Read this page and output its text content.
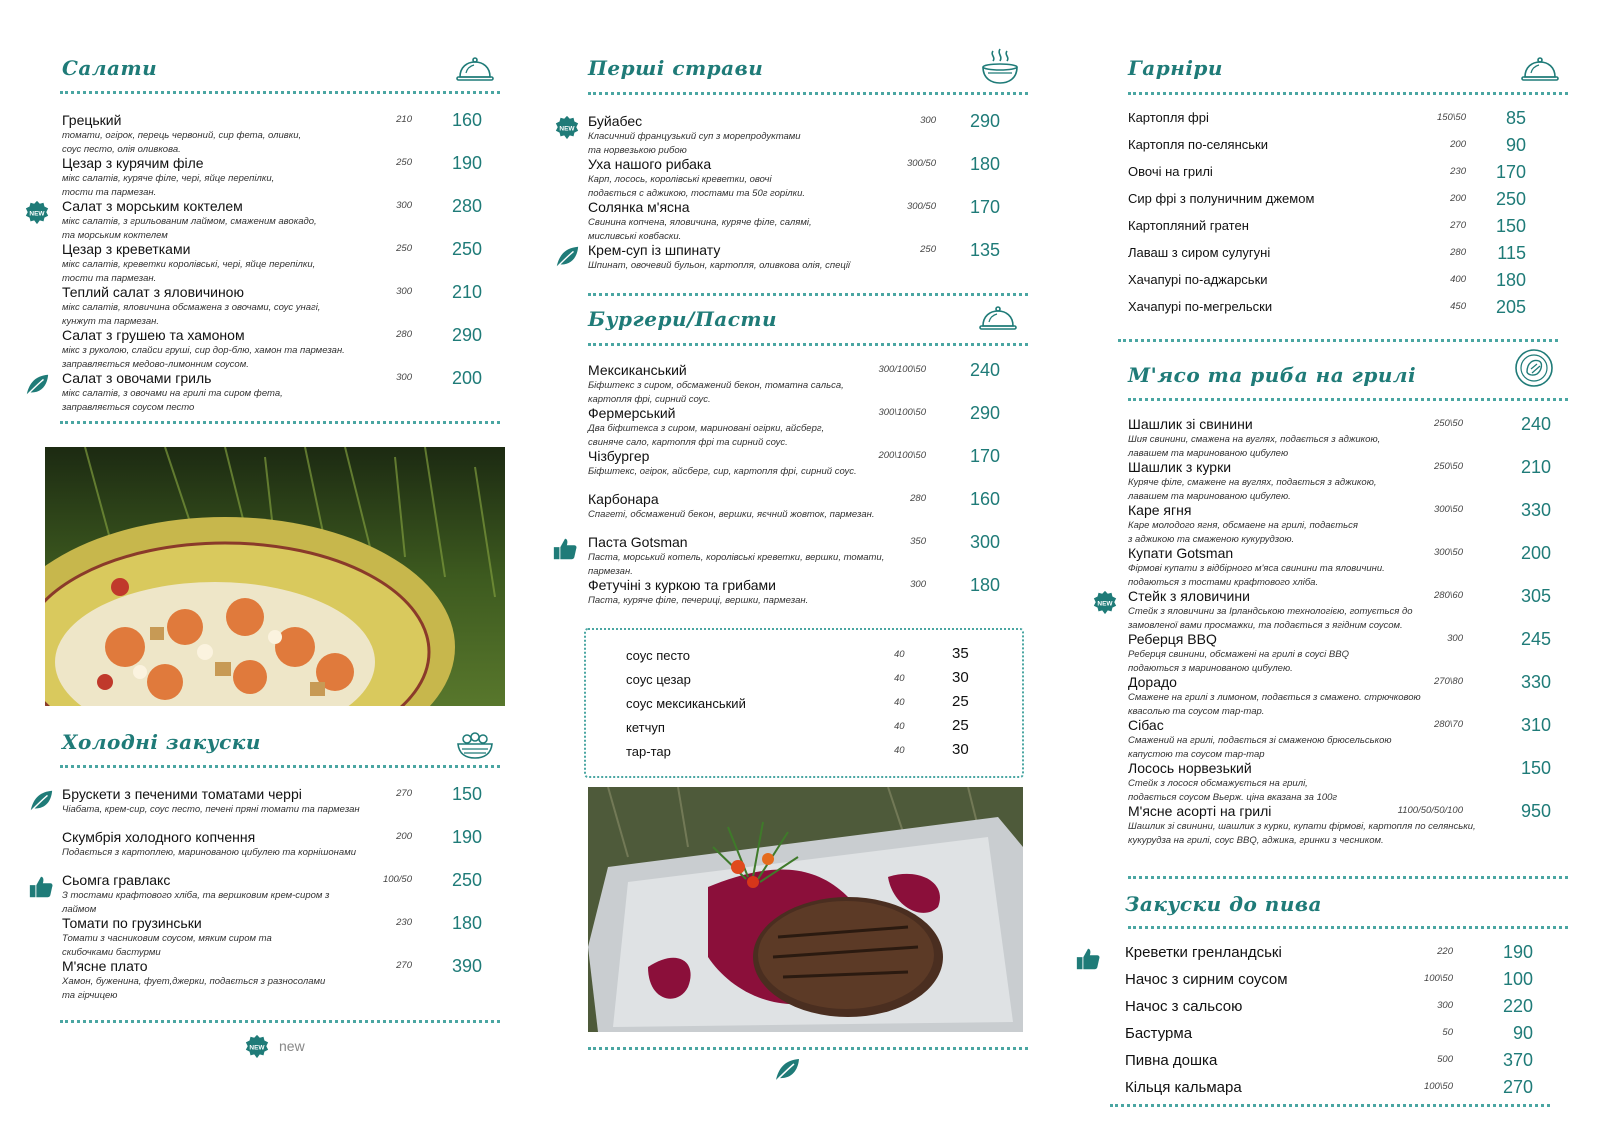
Салати
Грецький
томати, огірок, перець червоний, сир фета, оливки,
соус песто, олія оливкова.
210 160
Цезар з курячим філе
мікс салатів, куряче філе, чері, яйце перепілки,
тости та пармезан.
250 190
Салат з морським коктелем
мікс салатів, з грильованим лаймом, смаженим авокадо,
та морським коктелем
300 280
Цезар з креветками
мікс салатів, креветки королівські, чері, яйце перепілки,
тости та пармезан.
250 250
Теплий салат з яловичиною
мікс салатів, яловичина обсмажена з овочами, соус унагі,
кунжут та пармезан.
300 210
Салат з грушею та хамоном
мікс з руколою, слайси груші, сир дор-блю, хамон та пармезан.
заправляється медово-лимонним соусом.
280 290
Салат з овочами гриль
мікс салатів, з овочами на грилі та сиром фета,
заправляється соусом песто
300 200
Холодні закуски
Брускети з печеними томатами черрі
Чіабата, крем-сир, соус песто, печені пряні томати та пармезан
270 150
Скумбрія холодного копчення
Подається з картоплею, маринованою цибулею та корнішонами
200 190
Сьомга гравлакс
З тостами крафтового хліба, та вершковим крем-сиром з
лаймом
100/50 250
Томати по грузинськи
Томати з часниковим соусом, мяким сиром та
скибочками бастурми
230 180
М'ясне плато
Хамон, буженина, фует,джерки, подається з разносолами
та гірчицею
270 390
new
Перші страви
Буйабес
Класичний французький суп з морепродуктами
та норвезькою рибою
300 290
Уха нашого рибака
Карп, лосось, королівські креветки, овочі
подається с аджикою, тостами та 50г горілки.
300/50 180
Солянка м'ясна
Свинина копчена, яловичина, куряче філе, салямі,
мисливські ковбаски.
300/50 170
Крем-суп із шпинату
Шпинат, овочевий бульон, картопля, оливкова олія, спеції
250 135
Бургери/Пасти
Мексиканський
Біфштекс з сиром, обсмажений бекон, томатна сальса,
картопля фрі, сирний соус.
300/100\50 240
Фермерський
Два біфштекса з сиром, мариновані огірки, айсберг,
свиняче сало, картопля фрі та сирний соус.
300\100\50 290
Чізбургер
Біфштекс, огірок, айсберг, сир, картопля фрі, сирний соус.
200\100\50 170
Карбонара
Спагеті, обсмажений бекон, вершки, яєчний жовток, пармезан.
280 160
Паста Gotsman
Паста, морський котель, королівські креветки, вершки, томати,
пармезан.
350 300
Фетучіні з куркою та грибами
Паста, куряче філе, печериці, вершки, пармезан.
300 180
соус песто	40	35
соус цезар	40	30
соус мексиканський	40	25
кетчуп	40	25
тар-тар	40	30
Гарніри
Картопля фрі	150\50 85
Картопля по-селянськи	200 90
Овочі на грилі	230 170
Сир фрі з полуничним джемом	200 250
Картопляний гратен	270 150
Лаваш з сиром сулугуні	280 115
Хачапурі по-аджарськи	400 180
Хачапурі по-мегрельски	450 205
М'ясо та риба на грилі
Шашлик зі свинини
Шия свинини, смажена на вуглях, подається з аджикою,
лавашем та маринованою цибулею
250\50	240
Шашлик з курки
Куряче філе, смажене на вуглях, подається з аджикою,
лавашем та маринованою цибулею.
250\50	210
Каре ягня
Каре молодого ягня, обсмаене на грилі, подається
з аджикою та смаженою кукурудзою.
300\50	330
Купати Gotsman
Фірмові купати з відбірного м'яса свинини та яловичини.
подаються з тостами крафтового хліба.
300\50	200
Стейк з яловичини
Стейк з яловичини за Ірландською технологією, готується до
замовленої вами просмажки, та подається з ягідним соусом.
280\60	305
Реберця BBQ
Реберця свинини, обсмажені на грилі в соусі BBQ
подаються з маринованою цибулею.
300	245
Дорадо
Смажене на грилі з лимоном, подається з смажено. стрючковою
квасолью та соусом тар-тар.
270\80	330
Сібас
Смажений на грилі, подається зі смаженою брюсельською
капустою та соусом тар-тар
280\70	310
Лосось норвезький
Стейк з лосося обсмажується на грилі,
подається соусом Вьерж. ціна вказана за 100г
150
М'ясне асорті на грилі
Шашлик зі свинини, шашлик з курки, купати фірмові, картопля по селянськи,
кукурудза на грилі, соус BBQ, аджика, гринки з чесником.
1100/50/50/100	950
Закуски до пива
Креветки гренландські	220	190
Начос з сирним соусом	100\50	100
Начос з сальсою	300	220
Бастурма	50	90
Пивна дошка	500	370
Кільця кальмара	100\50	270
